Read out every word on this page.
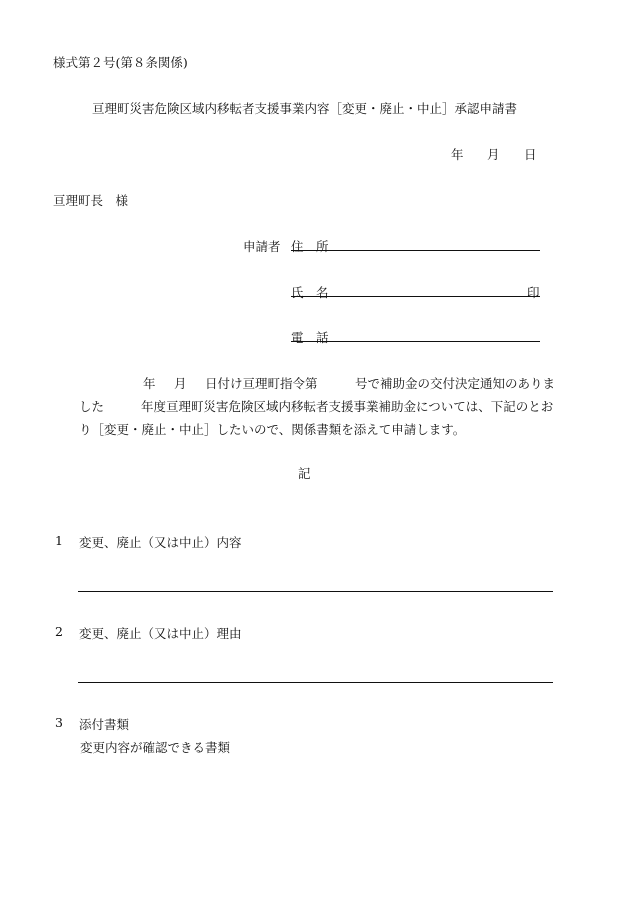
様式第２号(第８条関係)
亘理町災害危険区域内移転者支援事業内容［変更・廃止・中止］承認申請書
年 月 日
亘理町長　様
申請者 住　所
氏　名	印
電　話
年 月 日付け亘理町指令第	号で補助金の交付決定通知のありま
した	年度亘理町災害危険区域内移転者支援事業補助金については、下記のとお
り［変更・廃止・中止］したいので、関係書類を添えて申請します。
記
1 変更、廃止（又は中止）内容
2 変更、廃止（又は中止）理由
3 添付書類
変更内容が確認できる書類
